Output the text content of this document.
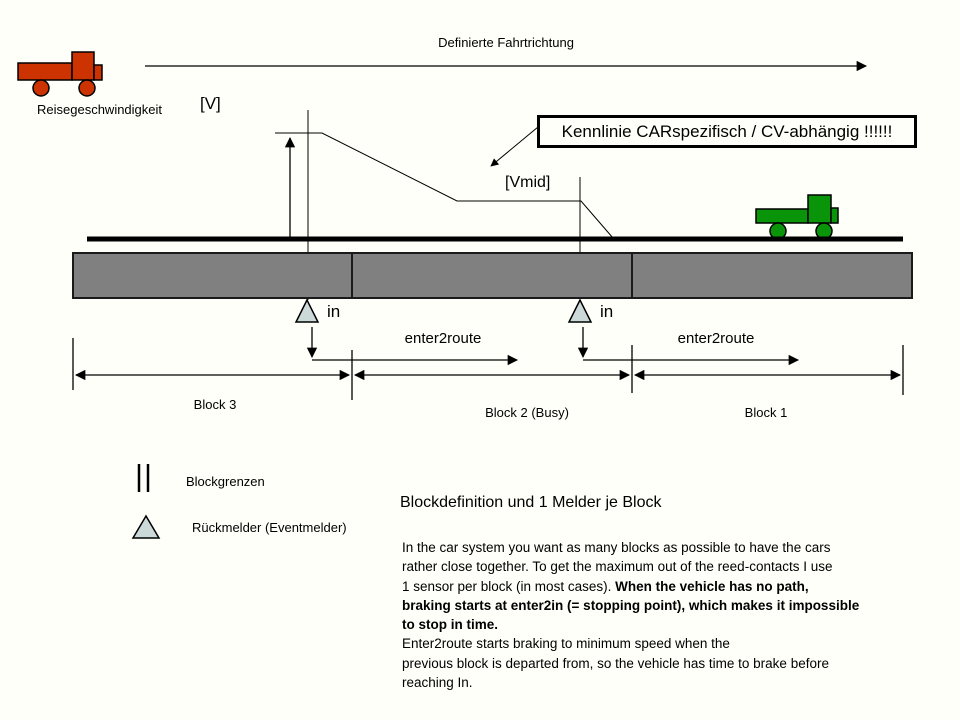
Definierte Fahrtrichtung
Reisegeschwindigkeit [V]
Kennlinie CARspezifisch / CV-abhängig !!!!!!
[Vmid]
in	in
enter2route	enter2route
Block 3
Block 2 (Busy)	Block 1
Blockgrenzen
Rückmelder (Eventmelder)
Blockdefinition und 1 Melder je Block
In the car system you want as many blocks as possible to have the cars
rather close together. To get the maximum out of the reed-contacts I use
1 sensor per block (in most cases). When the vehicle has no path,
braking starts at enter2in (= stopping point), which makes it impossible
to stop in time.
Enter2route starts braking to minimum speed when the
previous block is departed from, so the vehicle has time to brake before
reaching In.
